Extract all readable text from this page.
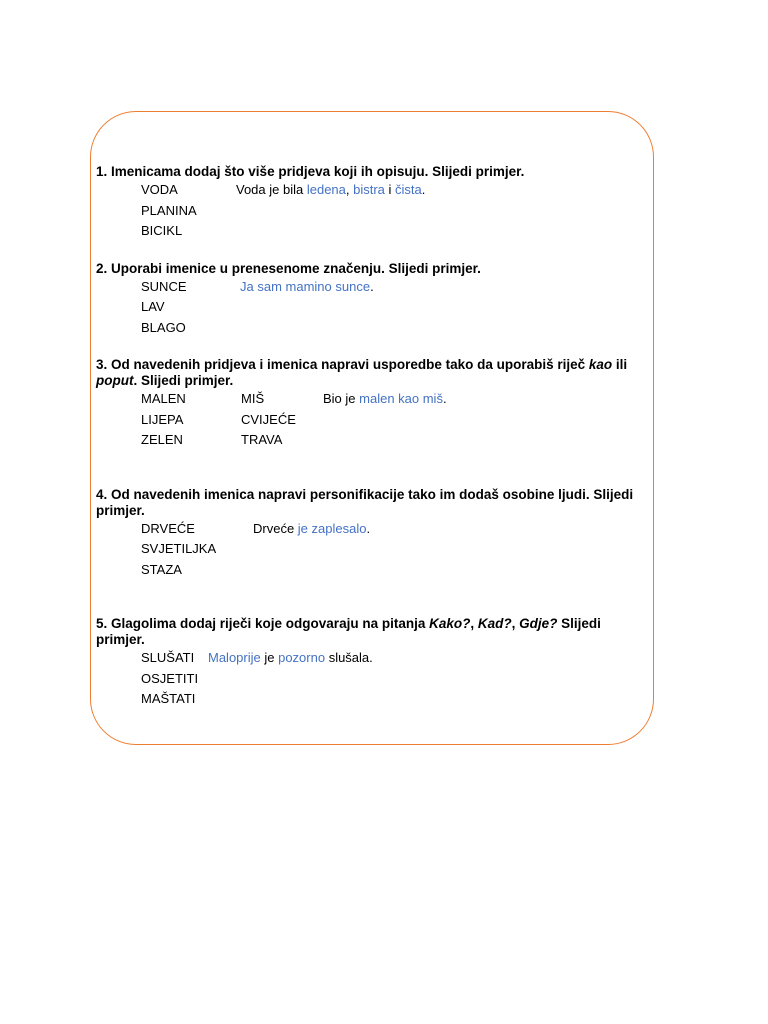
1. Imenicama dodaj što više pridjeva koji ih opisuju. Slijedi primjer.

VODA	Voda je bila ledena, bistra i čista.
PLANINA
BICIKL

2. Uporabi imenice u prenesenome značenju. Slijedi primjer.

SUNCE	Ja sam mamino sunce.
LAV
BLAGO

3. Od navedenih pridjeva i imenica napravi usporedbe tako da uporabiš riječ kao ili poput. Slijedi primjer.

MALEN	MIŠ	Bio je malen kao miš.
LIJEPA	CVIJEĆE
ZELEN	TRAVA

4. Od navedenih imenica napravi personifikacije tako im dodaš osobine ljudi. Slijedi primjer.

DRVEĆE	Drveće je zaplesalo.
SVJETILJKA
STAZA

5. Glagolima dodaj riječi koje odgovaraju na pitanja Kako?, Kad?, Gdje? Slijedi primjer.

SLUŠATI Maloprije je pozorno slušala.
OSJETITI
MAŠTATI
